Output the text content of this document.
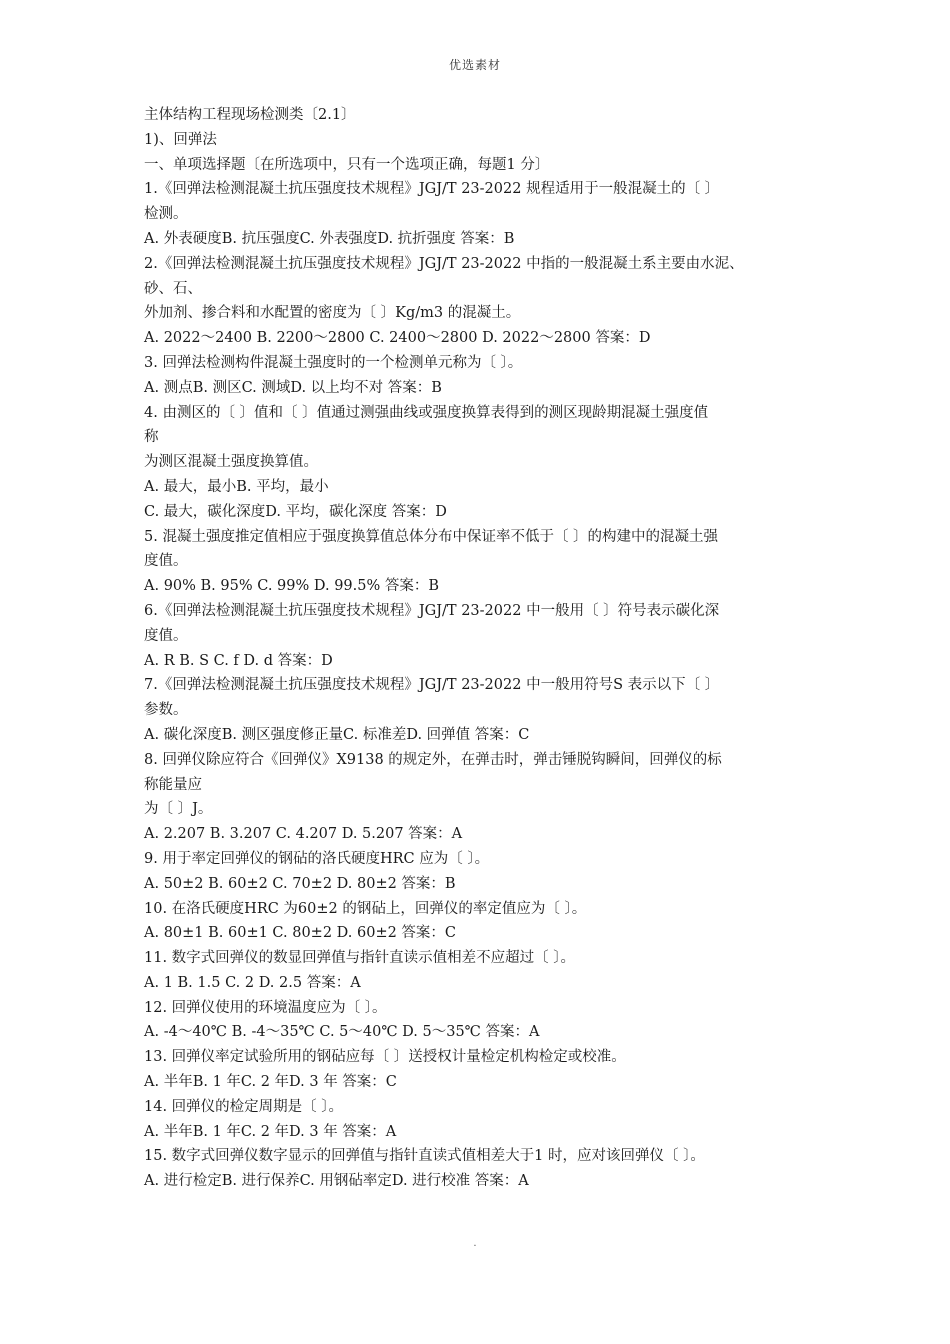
优选素材
主体结构工程现场检测类〔2.1〕
1)、回弹法
一、单项选择题〔在所选项中，只有一个选项正确，每题1 分〕
1.《回弹法检测混凝土抗压强度技术规程》JGJ/T 23-2022 规程适用于一般混凝土的〔 〕
检测。
A. 外表硬度B. 抗压强度C. 外表强度D. 抗折强度 答案：B
2.《回弹法检测混凝土抗压强度技术规程》JGJ/T 23-2022 中指的一般混凝土系主要由水泥、
砂、石、
外加剂、掺合料和水配置的密度为〔 〕Kg/m3 的混凝土。
A. 2022～2400 B. 2200～2800 C. 2400～2800 D. 2022～2800 答案：D
3. 回弹法检测构件混凝土强度时的一个检测单元称为〔 〕。
A. 测点B. 测区C. 测域D. 以上均不对 答案：B
4. 由测区的〔 〕值和〔 〕值通过测强曲线或强度换算表得到的测区现龄期混凝土强度值
称
为测区混凝土强度换算值。
A. 最大，最小B. 平均，最小
C. 最大，碳化深度D. 平均，碳化深度 答案：D
5. 混凝土强度推定值相应于强度换算值总体分布中保证率不低于〔 〕的构建中的混凝土强
度值。
A. 90% B. 95% C. 99% D. 99.5% 答案：B
6.《回弹法检测混凝土抗压强度技术规程》JGJ/T 23-2022 中一般用〔 〕符号表示碳化深
度值。
A. R B. S C. f D. d 答案：D
7.《回弹法检测混凝土抗压强度技术规程》JGJ/T 23-2022 中一般用符号S 表示以下〔 〕
参数。
A. 碳化深度B. 测区强度修正量C. 标准差D. 回弹值 答案：C
8. 回弹仪除应符合《回弹仪》X9138 的规定外，在弹击时，弹击锤脱钩瞬间，回弹仪的标
称能量应
为〔 〕J。
A. 2.207 B. 3.207 C. 4.207 D. 5.207 答案：A
9. 用于率定回弹仪的钢砧的洛氏硬度HRC 应为〔 〕。
A. 50±2 B. 60±2 C. 70±2 D. 80±2 答案：B
10. 在洛氏硬度HRC 为60±2 的钢砧上，回弹仪的率定值应为〔 〕。
A. 80±1 B. 60±1 C. 80±2 D. 60±2 答案：C
11. 数字式回弹仪的数显回弹值与指针直读示值相差不应超过〔 〕。
A. 1 B. 1.5 C. 2 D. 2.5 答案：A
12. 回弹仪使用的环境温度应为〔 〕。
A. -4～40℃ B. -4～35℃ C. 5～40℃ D. 5～35℃ 答案：A
13. 回弹仪率定试验所用的钢砧应每〔 〕送授权计量检定机构检定或校准。
A. 半年B. 1 年C. 2 年D. 3 年 答案：C
14. 回弹仪的检定周期是〔 〕。
A. 半年B. 1 年C. 2 年D. 3 年 答案：A
15. 数字式回弹仪数字显示的回弹值与指针直读式值相差大于1 时，应对该回弹仪〔 〕。
A. 进行检定B. 进行保养C. 用钢砧率定D. 进行校准 答案：A
.
